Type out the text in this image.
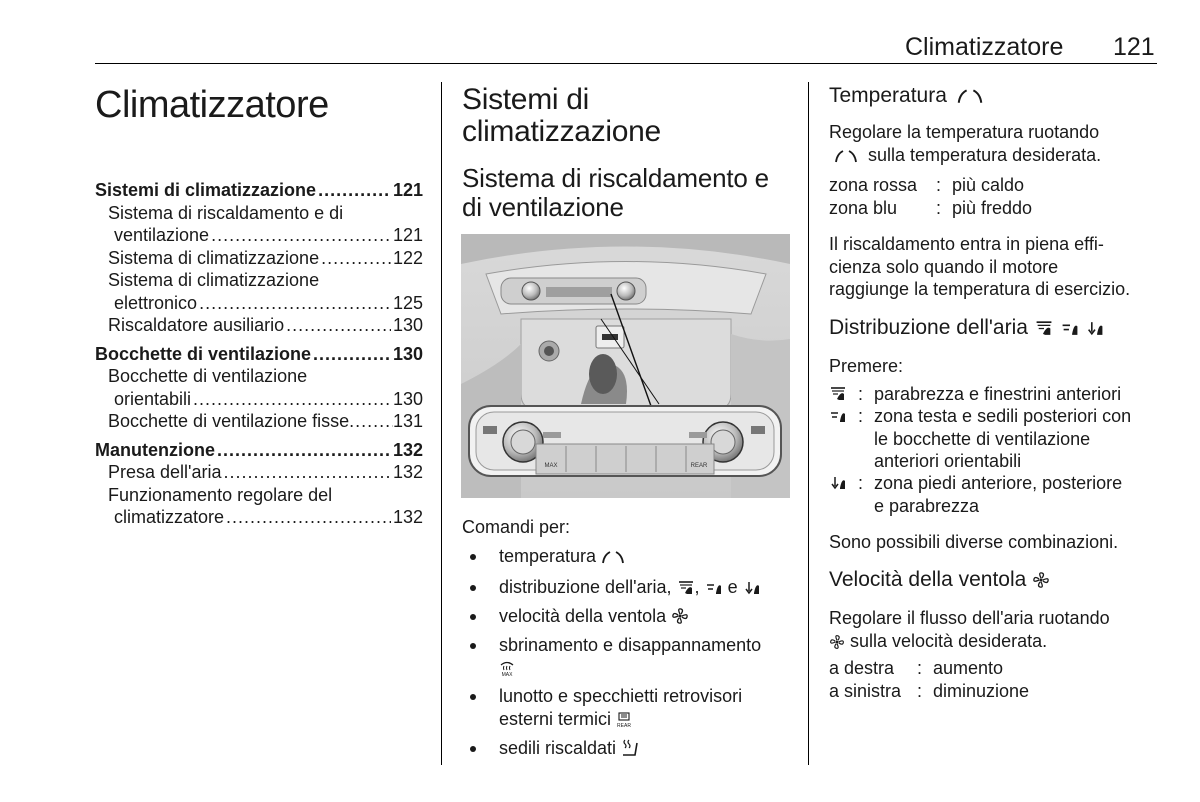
Climatizzatore 121
Climatizzatore
Sistemi di climatizzazione .....	121
Sistema di riscaldamento e di
ventilazione .....	121
Sistema di climatizzazione .....	122
Sistema di climatizzazione
elettronico .....	125
Riscaldatore ausiliario .....	130
Bocchette di ventilazione .....	130
Bocchette di ventilazione
orientabili .....	130
Bocchette di ventilazione fisse ..... 131
Manutenzione .....	132
Presa dell'aria .....	132
Funzionamento regolare del
climatizzatore .....	132
Sistemi di
climatizzazione
Sistema di riscaldamento e
di ventilazione
MAX	REAR
Comandi per:
temperatura
distribuzione dell'aria, , e
velocità della ventola
sbrinamento e disappannamento
MAX
lunotto e specchietti retrovisori
esterni termici REAR
sedili riscaldati
Temperatura
Regolare la temperatura ruotando
sulla temperatura desiderata.
zona rossa : più caldo
zona blu : più freddo
Il riscaldamento entra in piena effi-
cienza solo quando il motore
raggiunge la temperatura di esercizio.
Distribuzione dell'aria

Premere:
: parabrezza e finestrini anteriori
: zona testa e sedili posteriori con
le bocchette di ventilazione
anteriori orientabili
: zona piedi anteriore, posteriore
e parabrezza
Sono possibili diverse combinazioni.
Velocità della ventola
Regolare il flusso dell'aria ruotando
sulla velocità desiderata.
a destra : aumento
a sinistra : diminuzione
